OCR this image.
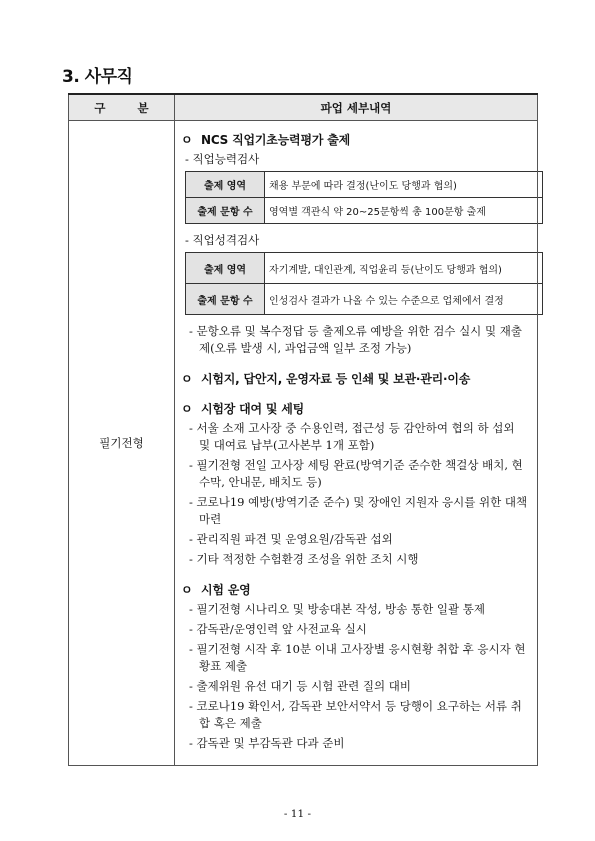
3. 사무직
구 분	파업 세부내역
필기전형	
ㅇ NCS 직업기초능력평가 출제
- 직업능력검사
출제 영역	채용 부문에 따라 결정(난이도 당행과 협의)
출제 문항 수	영역별 객관식 약 20~25문항씩 총 100문항 출제
- 직업성격검사
출제 영역	자기계발, 대인관계, 직업윤리 등(난이도 당행과 협의)
출제 문항 수	인성검사 결과가 나올 수 있는 수준으로 업체에서 결정
- 문항오류 및 복수정답 등 출제오류 예방을 위한 검수 실시 및 재출제(오류 발생 시, 과업금액 일부 조정 가능)
ㅇ 시험지, 답안지, 운영자료 등 인쇄 및 보관·관리·이송
ㅇ 시험장 대여 및 세팅
- 서울 소재 고사장 중 수용인력, 접근성 등 감안하여 협의 하 섭외 및 대여료 납부(고사본부 1개 포함)
- 필기전형 전일 고사장 세팅 완료(방역기준 준수한 책걸상 배치, 현수막, 안내문, 배치도 등)
- 코로나19 예방(방역기준 준수) 및 장애인 지원자 응시를 위한 대책 마련
- 관리직원 파견 및 운영요원/감독관 섭외
- 기타 적정한 수험환경 조성을 위한 조치 시행
ㅇ 시험 운영
- 필기전형 시나리오 및 방송대본 작성, 방송 통한 일괄 통제
- 감독관/운영인력 앞 사전교육 실시
- 필기전형 시작 후 10분 이내 고사장별 응시현황 취합 후 응시자 현황표 제출
- 출제위원 유선 대기 등 시험 관련 질의 대비
- 코로나19 확인서, 감독관 보안서약서 등 당행이 요구하는 서류 취합 혹은 제출
- 감독관 및 부감독관 다과 준비
- 11 -
